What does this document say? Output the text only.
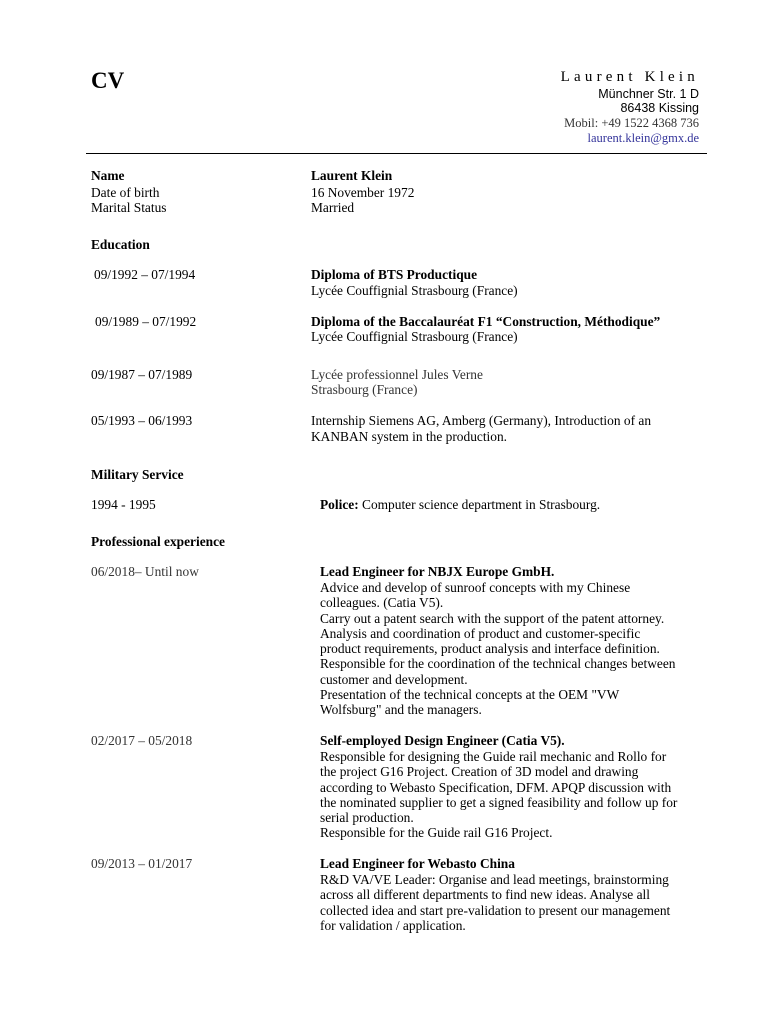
CV	Laurent Klein
Münchner Str. 1 D
86438 Kissing
Mobil: +49 1522 4368 736
laurent.klein@gmx.de
Name	Laurent Klein
Date of birth	16 November 1972
Marital Status	Married
Education
09/1992 – 07/1994	Diploma of BTS Productique
Lycée Couffignial Strasbourg (France)
09/1989 – 07/1992	Diploma of the Baccalauréat F1 “Construction, Méthodique”
Lycée Couffignial Strasbourg (France)
09/1987 – 07/1989	Lycée professionnel Jules Verne
Strasbourg (France)
05/1993 – 06/1993	Internship Siemens AG, Amberg (Germany), Introduction of an
KANBAN system in the production.
Military Service
1994 - 1995	Police: Computer science department in Strasbourg.
Professional experience
06/2018– Until now	Lead Engineer for NBJX Europe GmbH.

Advice and develop of sunroof concepts with my Chinese

colleagues. (Catia V5).

Carry out a patent search with the support of the patent attorney.

Analysis and coordination of product and customer-specific

product requirements, product analysis and interface definition.

Responsible for the coordination of the technical changes between

customer and development.

Presentation of the technical concepts at the OEM "VW

Wolfsburg" and the managers.

02/2017 – 05/2018	Self-employed Design Engineer (Catia V5).

Responsible for designing the Guide rail mechanic and Rollo for

the project G16 Project. Creation of 3D model and drawing

according to Webasto Specification, DFM. APQP discussion with

the nominated supplier to get a signed feasibility and follow up for

serial production.

Responsible for the Guide rail G16 Project.

09/2013 – 01/2017	Lead Engineer for Webasto China

R&D VA/VE Leader: Organise and lead meetings, brainstorming

across all different departments to find new ideas. Analyse all

collected idea and start pre-validation to present our management

for validation / application.
